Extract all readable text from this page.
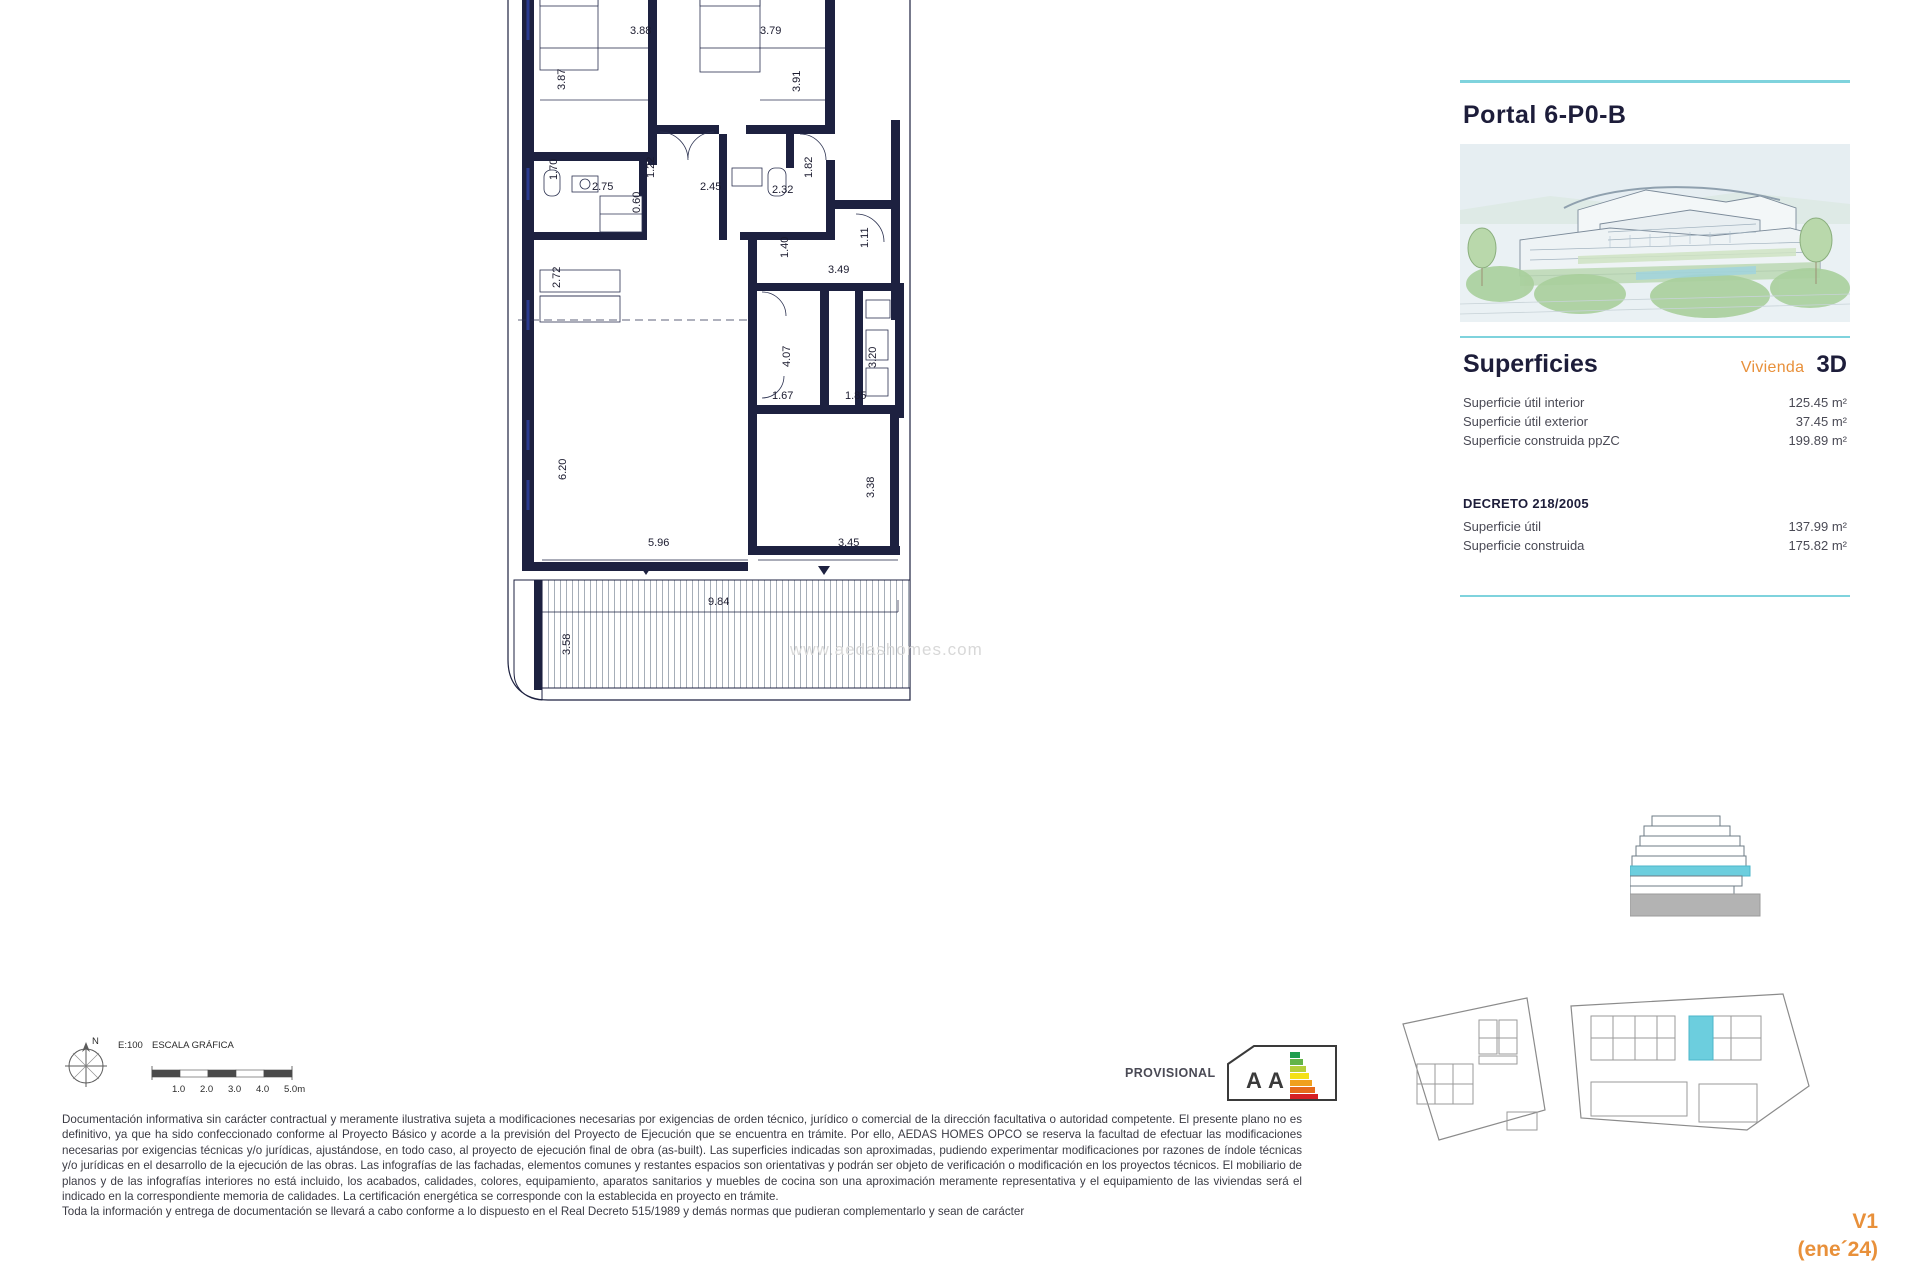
3.88	3.79
3.87	3.91
1.70
2.75
1.22
0.60
2.45	2.32
1.82
2.72
1.40
3.49
1.11
4.07
1.67	1.85
3.20
6.20
3.38
5.96	3.45
9.84
3.58	www.aedashomes.com
Portal 6-P0-B
Superficies	Vivienda 3D
Superficie útil interior	125.45 m²
Superficie útil exterior	37.45 m²
Superficie construida ppZC	199.89 m²
DECRETO 218/2005
Superficie útil	137.99 m²
Superficie construida	175.82 m²
V1
(ene´24)
N E:100 ESCALA GRÁFICA
1.0 2.0 3.0 4.0 5.0m
PROVISIONAL A A

Documentación informativa sin carácter contractual y meramente ilustrativa sujeta a modificaciones necesarias por exigencias de orden técnico, jurídico o comercial de la dirección facultativa o autoridad competente. El presente plano no es definitivo, ya que ha sido confeccionado conforme al Proyecto Básico y acorde a la previsión del Proyecto de Ejecución que se encuentra en trámite. Por ello, AEDAS HOMES OPCO se reserva la facultad de efectuar las modificaciones necesarias por exigencias técnicas y/o jurídicas, ajustándose, en todo caso, al proyecto de ejecución final de obra (as-built). Las superficies indicadas son aproximadas, pudiendo experimentar modificaciones por razones de índole técnicas y/o jurídicas en el desarrollo de la ejecución de las obras. Las infografías de las fachadas, elementos comunes y restantes espacios son orientativas y podrán ser objeto de verificación o modificación en los proyectos técnicos. El mobiliario de planos y de las infografías interiores no está incluido, los acabados, calidades, colores, equipamiento, aparatos sanitarios y muebles de cocina son una aproximación meramente representativa y el equipamiento de las viviendas será el indicado en la correspondiente memoria de calidades. La certificación energética se corresponde con la establecida en proyecto en trámite.

Toda la información y entrega de documentación se llevará a cabo conforme a lo dispuesto en el Real Decreto 515/1989 y demás normas que pudieran complementarlo y sean de carácter
